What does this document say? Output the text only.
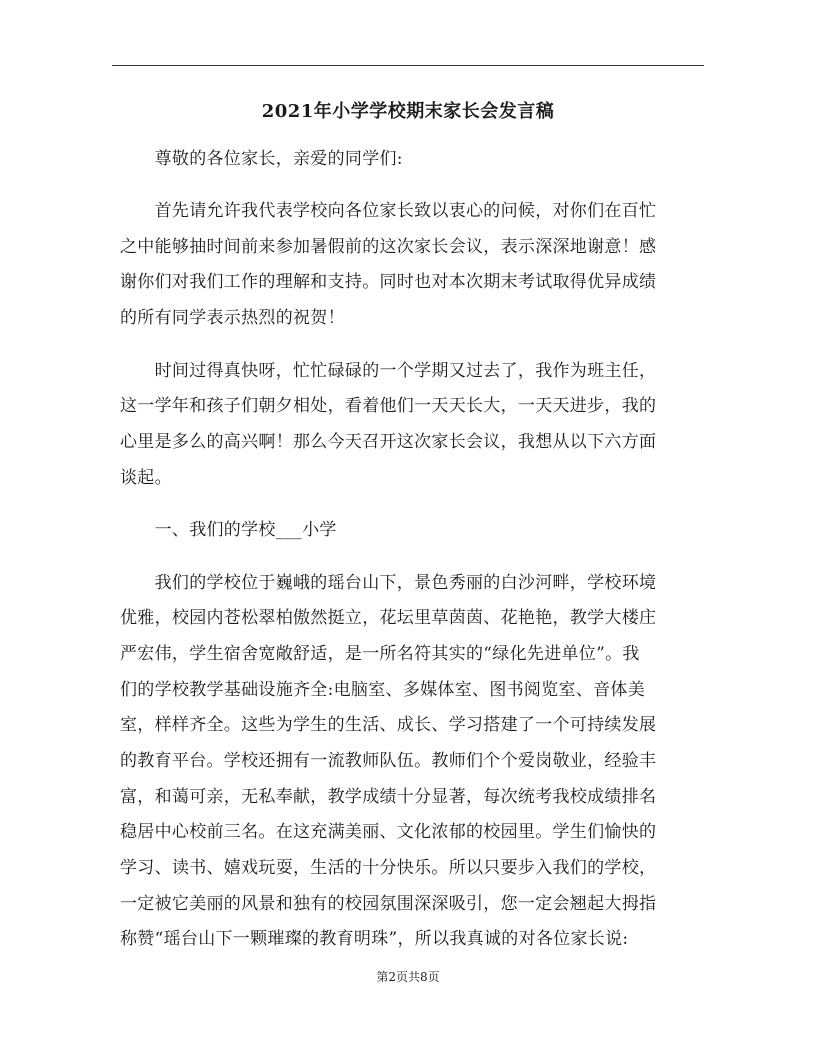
2021年小学学校期末家长会发言稿
　　尊敬的各位家长，亲爱的同学们:
　　首先请允许我代表学校向各位家长致以衷心的问候，对你们在百忙
之中能够抽时间前来参加暑假前的这次家长会议，表示深深地谢意！感
谢你们对我们工作的理解和支持。同时也对本次期末考试取得优异成绩
的所有同学表示热烈的祝贺！
　　时间过得真快呀，忙忙碌碌的一个学期又过去了，我作为班主任，
这一学年和孩子们朝夕相处，看着他们一天天长大，一天天进步，我的
心里是多么的高兴啊！那么今天召开这次家长会议，我想从以下六方面
谈起。
　　一、我们的学校___小学
　　我们的学校位于巍峨的瑶台山下，景色秀丽的白沙河畔，学校环境
优雅，校园内苍松翠柏傲然挺立，花坛里草茵茵、花艳艳，教学大楼庄
严宏伟，学生宿舍宽敞舒适，是一所名符其实的“绿化先进单位”。我
们的学校教学基础设施齐全:电脑室、多媒体室、图书阅览室、音体美
室，样样齐全。这些为学生的生活、成长、学习搭建了一个可持续发展
的教育平台。学校还拥有一流教师队伍。教师们个个爱岗敬业，经验丰
富，和蔼可亲，无私奉献，教学成绩十分显著，每次统考我校成绩排名
稳居中心校前三名。在这充满美丽、文化浓郁的校园里。学生们愉快的
学习、读书、嬉戏玩耍，生活的十分快乐。所以只要步入我们的学校，
一定被它美丽的风景和独有的校园氛围深深吸引，您一定会翘起大拇指
称赞“瑶台山下一颗璀璨的教育明珠”，所以我真诚的对各位家长说:
第2页共8页
